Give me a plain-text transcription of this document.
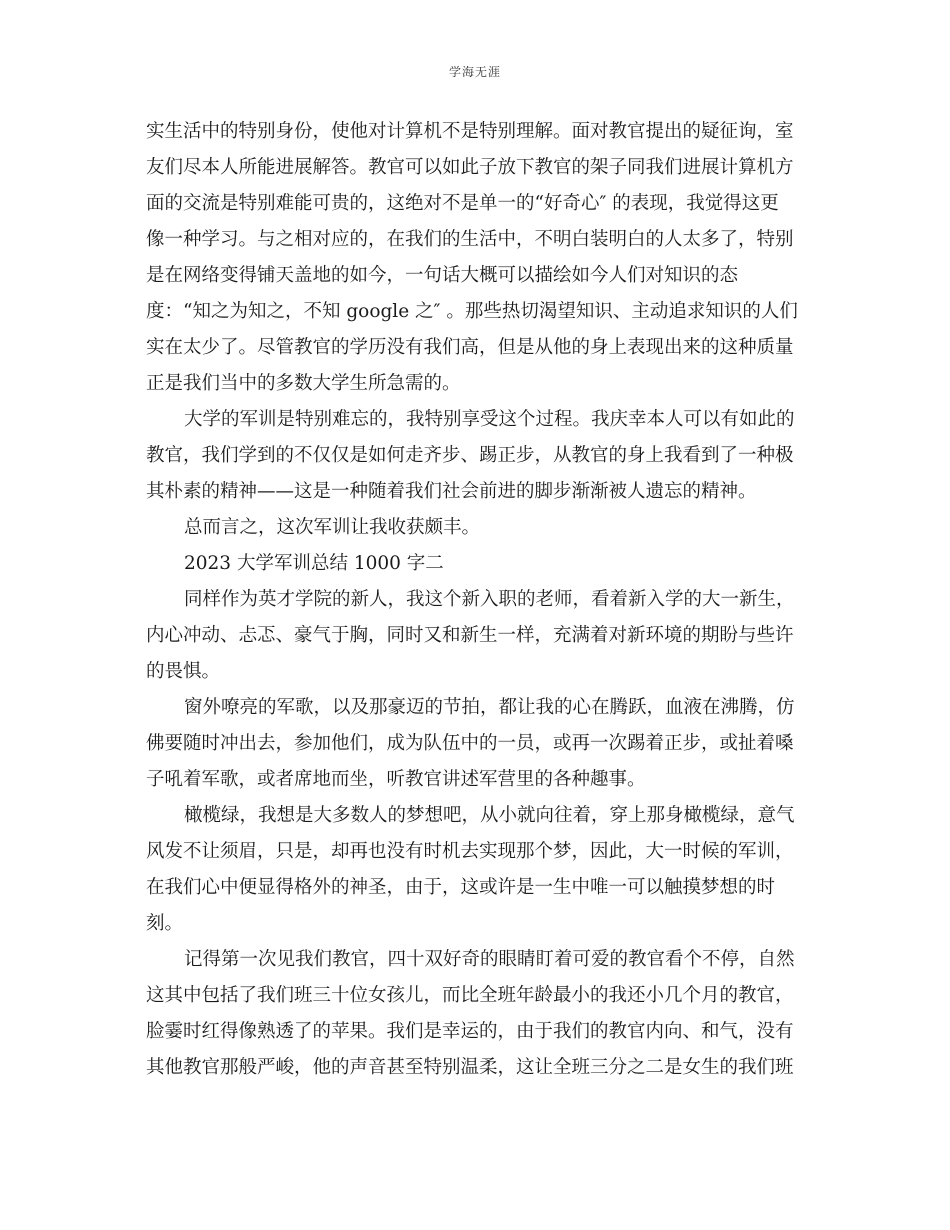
学海无涯
实生活中的特别身份，使他对计算机不是特别理解。面对教官提出的疑征询，室
友们尽本人所能进展解答。教官可以如此子放下教官的架子同我们进展计算机方
面的交流是特别难能可贵的，这绝对不是单一的“好奇心″ 的表现，我觉得这更
像一种学习。与之相对应的，在我们的生活中，不明白装明白的人太多了，特别
是在网络变得铺天盖地的如今，一句话大概可以描绘如今人们对知识的态
度：“知之为知之，不知 google 之″ 。那些热切渴望知识、主动追求知识的人们
实在太少了。尽管教官的学历没有我们高，但是从他的身上表现出来的这种质量
正是我们当中的多数大学生所急需的。
大学的军训是特别难忘的，我特别享受这个过程。我庆幸本人可以有如此的
教官，我们学到的不仅仅是如何走齐步、踢正步，从教官的身上我看到了一种极
其朴素的精神——这是一种随着我们社会前进的脚步渐渐被人遗忘的精神。
总而言之，这次军训让我收获颇丰。
2023 大学军训总结 1000 字二
同样作为英才学院的新人，我这个新入职的老师，看着新入学的大一新生，
内心冲动、忐忑、豪气于胸，同时又和新生一样，充满着对新环境的期盼与些许
的畏惧。
窗外嘹亮的军歌，以及那豪迈的节拍，都让我的心在腾跃，血液在沸腾，仿
佛要随时冲出去，参加他们，成为队伍中的一员，或再一次踢着正步，或扯着嗓
子吼着军歌，或者席地而坐，听教官讲述军营里的各种趣事。
橄榄绿，我想是大多数人的梦想吧，从小就向往着，穿上那身橄榄绿，意气
风发不让须眉，只是，却再也没有时机去实现那个梦，因此，大一时候的军训，
在我们心中便显得格外的神圣，由于，这或许是一生中唯一可以触摸梦想的时
刻。
记得第一次见我们教官，四十双好奇的眼睛盯着可爱的教官看个不停，自然
这其中包括了我们班三十位女孩儿，而比全班年龄最小的我还小几个月的教官，
脸霎时红得像熟透了的苹果。我们是幸运的，由于我们的教官内向、和气，没有
其他教官那般严峻，他的声音甚至特别温柔，这让全班三分之二是女生的我们班
